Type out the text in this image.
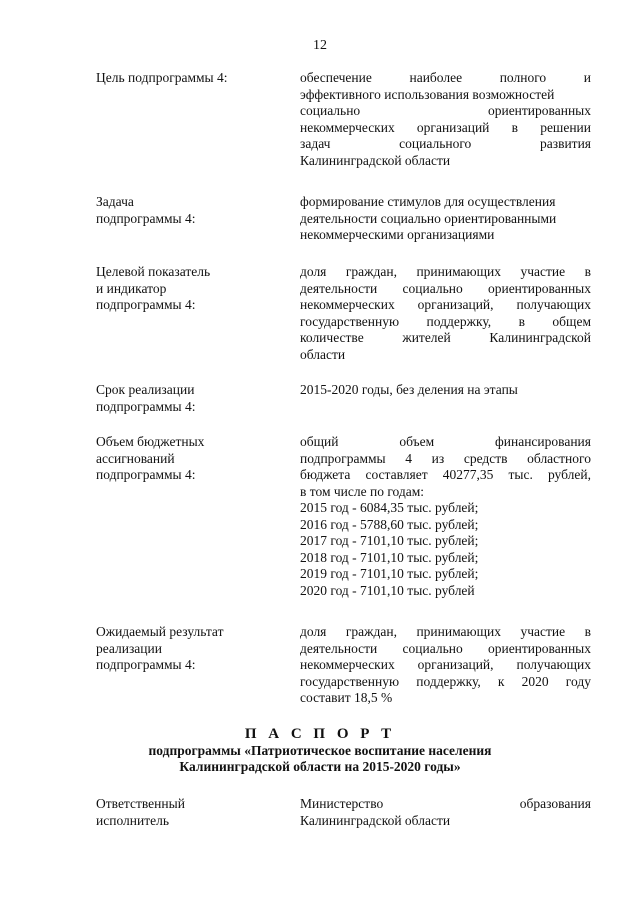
12
Цель подпрограммы 4:	обеспечение наиболее полного и
эффективного использования возможностей
социально ориентированных
некоммерческих организаций в решении
задач социального развития
Калининградской области
Задача
подпрограммы 4:
формирование стимулов для осуществления
деятельности социально ориентированными
некоммерческими организациями
Целевой показатель
и индикатор
подпрограммы 4:
доля граждан, принимающих участие в
деятельности социально ориентированных
некоммерческих организаций, получающих
государственную поддержку, в общем
количестве жителей Калининградской
области
Срок реализации
подпрограммы 4:
2015-2020 годы, без деления на этапы
Объем бюджетных
ассигнований
подпрограммы 4:
общий объем финансирования
подпрограммы 4 из средств областного
бюджета составляет 40277,35 тыс. рублей,
в том числе по годам:
2015 год - 6084,35 тыс. рублей;
2016 год - 5788,60 тыс. рублей;
2017 год - 7101,10 тыс. рублей;
2018 год - 7101,10 тыс. рублей;
2019 год - 7101,10 тыс. рублей;
2020 год - 7101,10 тыс. рублей
Ожидаемый результат
реализации
подпрограммы 4:
доля граждан, принимающих участие в
деятельности социально ориентированных
некоммерческих организаций, получающих
государственную поддержку, к 2020 году
составит 18,5 %
П А С П О Р Т
подпрограммы «Патриотическое воспитание населения
Калининградской области на 2015-2020 годы»
Ответственный
исполнитель
Министерство образования
Калининградской области
